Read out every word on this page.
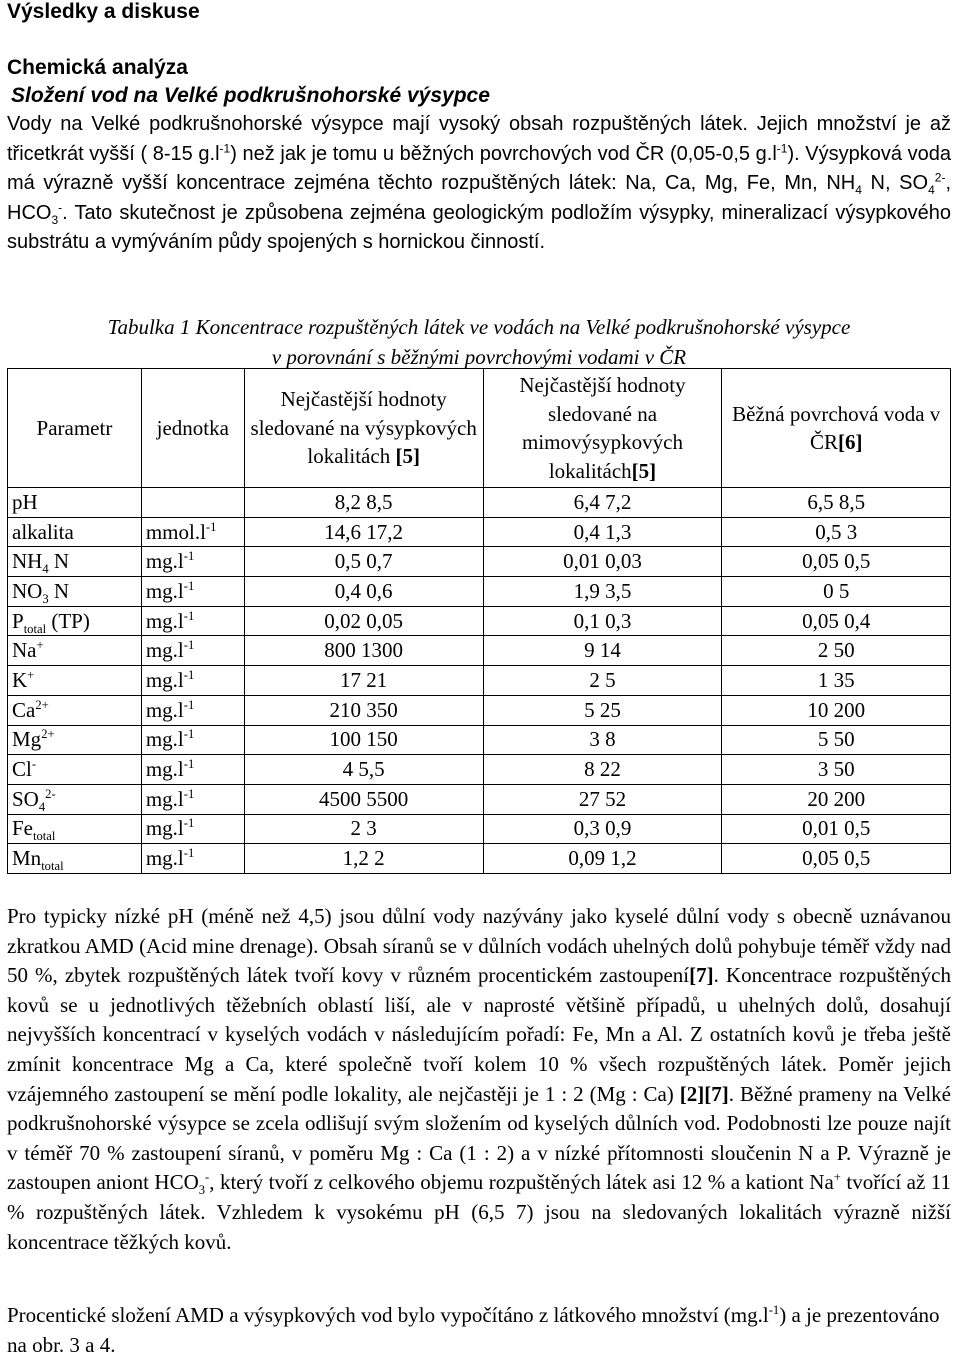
Výsledky a diskuse
Chemická analýza
Složení vod na Velké podkrušnohorské výsypce

Vody na Velké podkrušnohorské výsypce mají vysoký obsah rozpuštěných látek. Jejich množství je až třicetkrát vyšší ( 8-15 $g.l^{-1}$) než jak je tomu u běžných povrchových vod ČR (0,05-0,5 $g.l^{-1}$). Výsypková voda má výrazně vyšší koncentrace zejména těchto rozpuštěných látek: Na, Ca, Mg, Fe, Mn, $NH_4$ N, $SO_4^{2-}$, $HCO_3^-$. Tato skutečnost je způsobena zejména geologickým podložím výsypky, mineralizací výsypkového substrátu a vymýváním půdy spojených s hornickou činností.

Tabulka 1 Koncentrace rozpuštěných látek ve vodách na Velké podkrušnohorské výsypce
v porovnání s běžnými povrchovými vodami v ČR
Parametr	jednotka	Nejčastější hodnoty sledované na výsypkových lokalitách [5]	Nejčastější hodnoty sledované na mimovýsypkových lokalitách[5]	Běžná povrchová voda v ČR[6]
pH		8,2 8,5	6,4 7,2	6,5 8,5
alkalita	$mmol.l^{-1}$	14,6 17,2	0,4 1,3	0,5 3
$NH_4$ N	$mg.l^{-1}$	0,5 0,7	0,01 0,03	0,05 0,5
$NO_3$ N	$mg.l^{-1}$	0,4 0,6	1,9 3,5	0 5
$P_{total}$ (TP)	$mg.l^{-1}$	0,02 0,05	0,1 0,3	0,05 0,4
Na+	$mg.l^{-1}$	800 1300	9 14	2 50
K+	$mg.l^{-1}$	17 21	2 5	1 35
$Ca^{2+}$	$mg.l^{-1}$	210 350	5 25	10 200
$Mg^{2+}$	$mg.l^{-1}$	100 150	3 8	5 50
Cl-	$mg.l^{-1}$	4 5,5	8 22	3 50
$SO_4^{2-}$	$mg.l^{-1}$	4500 5500	27 52	20 200
$Fe_{total}$	$mg.l^{-1}$	2 3	0,3 0,9	0,01 0,5
$Mn_{total}$	$mg.l^{-1}$	1,2 2	0,09 1,2	0,05 0,5

Pro typicky nízké pH (méně než 4,5) jsou důlní vody nazývány jako kyselé důlní vody s obecně uznávanou zkratkou AMD (Acid mine drenage). Obsah síranů se v důlních vodách uhelných dolů pohybuje téměř vždy nad 50 %, zbytek rozpuštěných látek tvoří kovy v různém procentickém zastoupení[7]. Koncentrace rozpuštěných kovů se u jednotlivých těžebních oblastí liší, ale v naprosté většině případů, u uhelných dolů, dosahují nejvyšších koncentrací v kyselých vodách v následujícím pořadí: Fe, Mn a Al. Z ostatních kovů je třeba ještě zmínit koncentrace Mg a Ca, které společně tvoří kolem 10 % všech rozpuštěných látek. Poměr jejich vzájemného zastoupení se mění podle lokality, ale nejčastěji je 1 : 2 (Mg : Ca) [2][7]. Běžné prameny na Velké podkrušnohorské výsypce se zcela odlišují svým složením od kyselých důlních vod. Podobnosti lze pouze najít v téměř 70 % zastoupení síranů, v poměru Mg : Ca (1 : 2) a v nízké přítomnosti sloučenin N a P. Výrazně je zastoupen aniont $HCO_3^-$, který tvoří z celkového objemu rozpuštěných látek asi 12 % a kationt Na+ tvořící až 11 % rozpuštěných látek. Vzhledem k vysokému pH (6,5 7) jsou na sledovaných lokalitách výrazně nižší koncentrace těžkých kovů.

Procentické složení AMD a výsypkových vod bylo vypočítáno z látkového množství $(mg.l^{-1})$ a je prezentováno na obr. 3 a 4.
